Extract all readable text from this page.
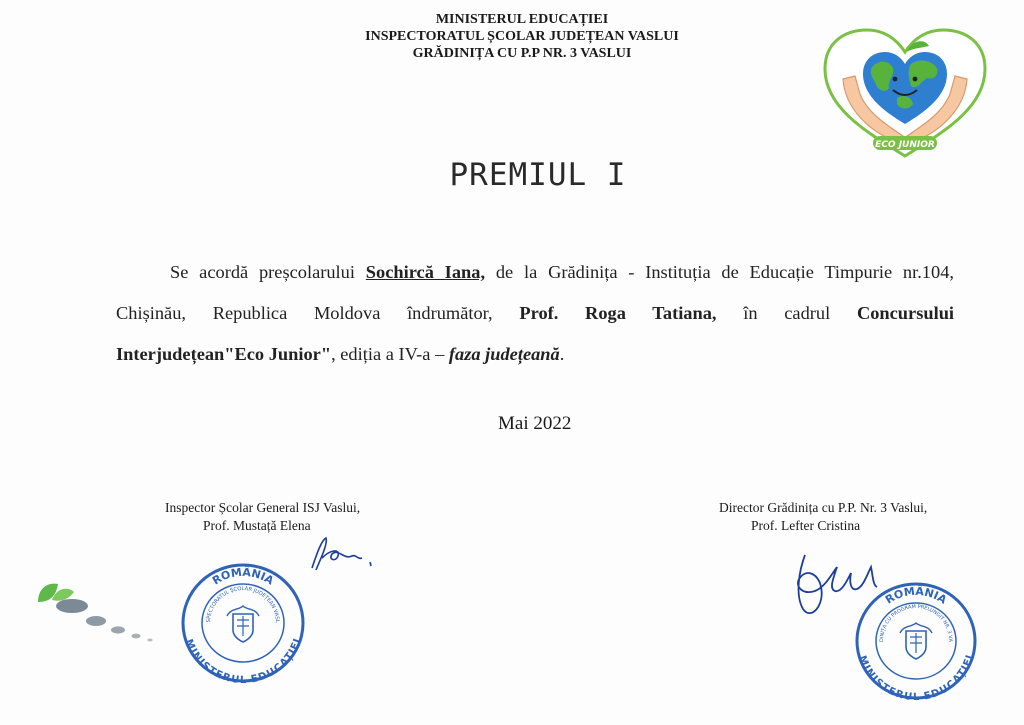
MINISTERUL EDUCAȚIEI
INSPECTORATUL ȘCOLAR JUDEȚEAN VASLUI
GRĂDINIȚA CU P.P NR. 3 VASLUI
ECO JUNIOR
PREMIUL I
Se acordă preșcolarului Sochircă Iana, de la Grădinița - Instituția de Educație Timpurie nr.104,
Chișinău, Republica Moldova îndrumător, Prof. Roga Tatiana, în cadrul Concursului
Interjudețean"Eco Junior", ediția a IV-a – faza județeană.
Mai 2022
Inspector Școlar General ISJ Vaslui,
Prof. Mustață Elena
Director Grădinița cu P.P. Nr. 3 Vaslui,
Prof. Lefter Cristina
ROMÂNIA
MINISTERUL EDUCAȚIEI
SPECTORATUL ȘCOLAR JUDEȚEAN VASL
ROMÂNIA
MINISTERUL EDUCAȚIEI
DINIȚA CU PROGRAM PRELUNGIT NR. 3 VA
